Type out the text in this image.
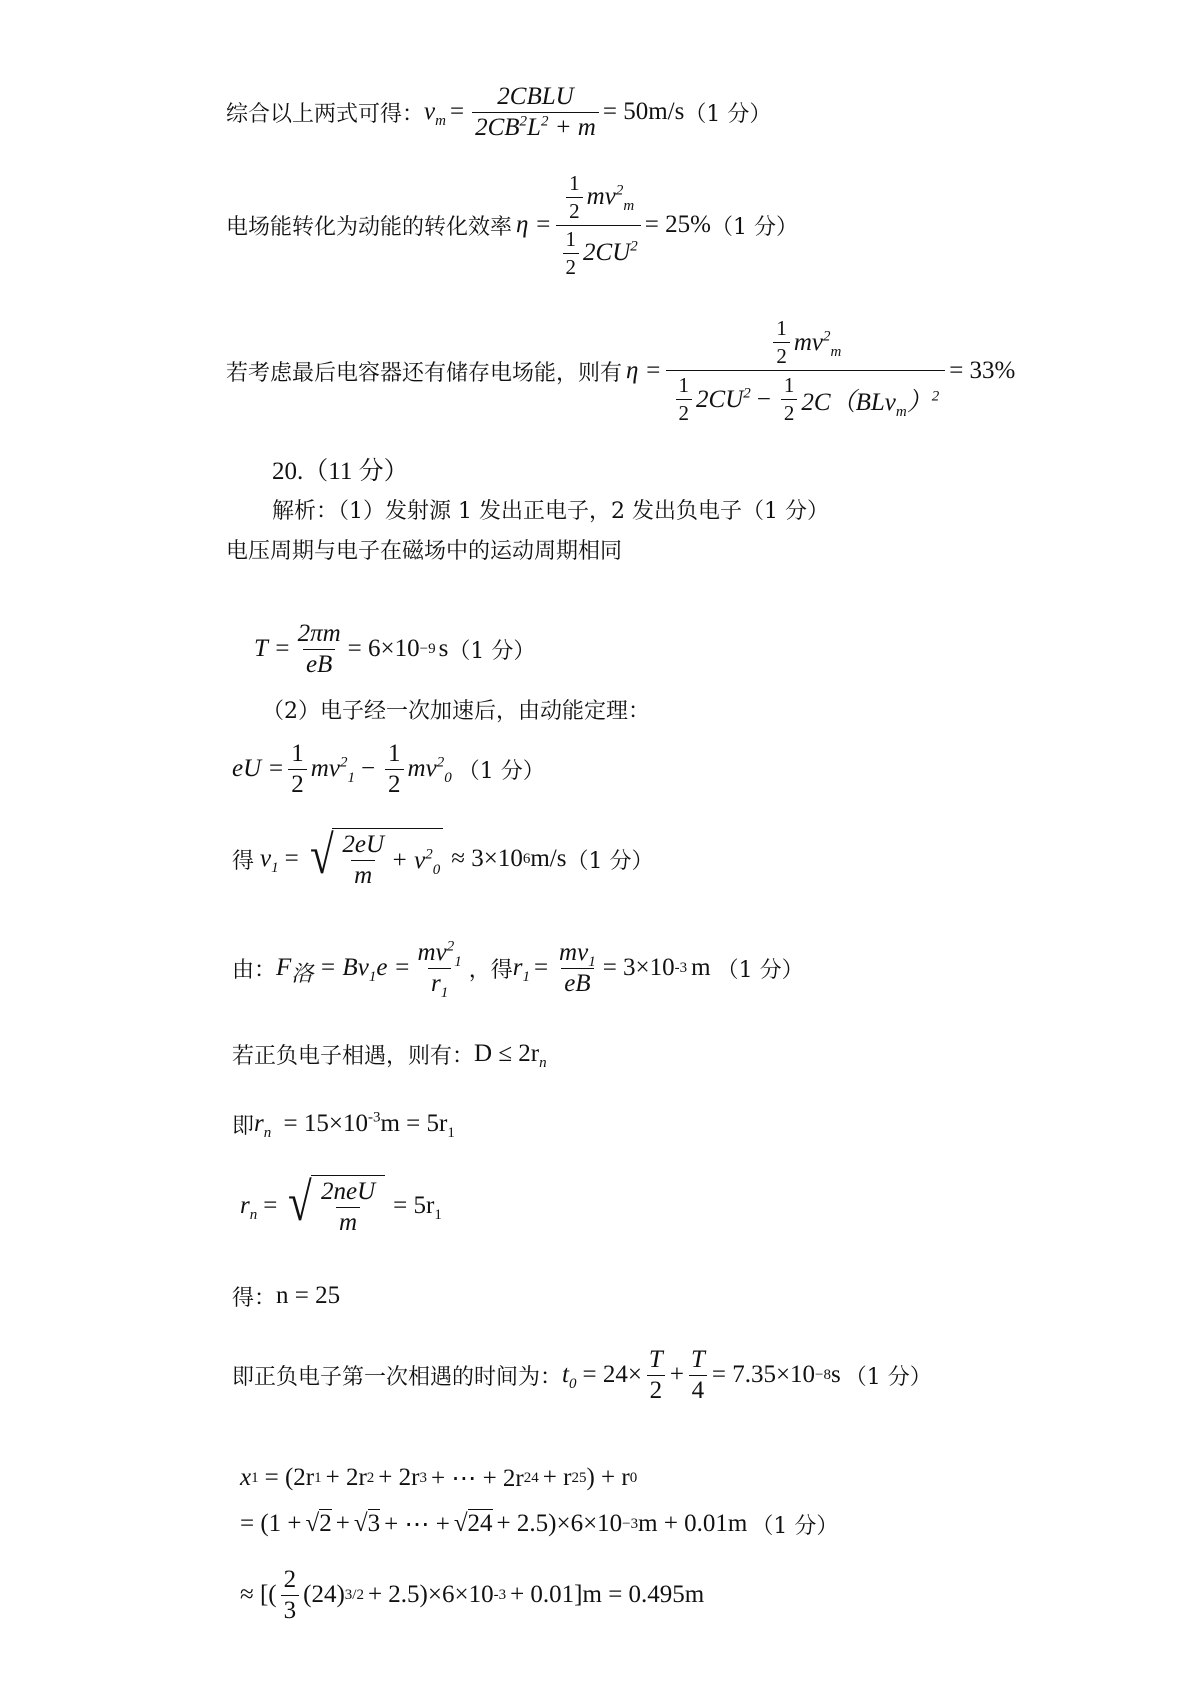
综合以上两式可得： $v_m = \frac{\text{2CBLU}}{2CB^2L^2 + m} = 50m/s$ （1 分）
电场能转化为动能的转化效率 $\eta = \frac{\frac{1}{2} mv^2_m}{\frac{1}{2} 2CU^2} = 25\%$ （1 分）
若考虑最后电容器还有储存电场能，则有 $\eta = \frac{\frac{1}{2} mv^2_m}{\frac{1}{2} 2CU^2 - \frac{1}{2} 2C(BLv_m)^2} = 33\%$
20.（11 分）
解析：（1）发射源 1 发出正电子，2 发出负电子（1 分）
电压周期与电子在磁场中的运动周期相同
$T = \frac{2\pi m}{eB} = 6\times 10 -9$ s （1 分）
（2）电子经一次加速后，由动能定理：
eU = $\frac{1}{2} mv^2_1 - \frac{1}{2} mv^2_0$ （1 分）
得 $v_1$ = √ $\frac{2eU}{m} + v^2_0 \approx 3\times 10$ 6 m/s （1 分）
由： $F_洛 = Bv_1e = \frac{mv^2_1}{r_1}$ ，得 $r_1 = \frac{mv_1}{eB} = 3\times 10$ -3 m （1 分）
若正负电子相遇，则有： $D \le 2r_n$
即 $r_n = 15\times 10^{-3}m = 5r_1$
$r_n$ = √ $\frac{\text{2neU}}{m} = 5r_1$
得： n = 25
即正负电子第一次相遇的时间为： $t_0 = 24\times \frac{T}{2} + \frac{T}{4} = 7.35\times 10 -8$ s （1 分）
x 1 = (2r 1 + 2r 2 + 2r 3 + ⋯ + 2r 24 + r 25 ) + r 0
= (1 + √2 + √3 + ⋯ + √24 + 2.5)×6×10 −3 m + 0.01m （1 分）
≈ [( $\frac{2}{3} (24) 3/2 + 2.5)\times 6\times 10$ -3 + 0.01]m = 0.495m
